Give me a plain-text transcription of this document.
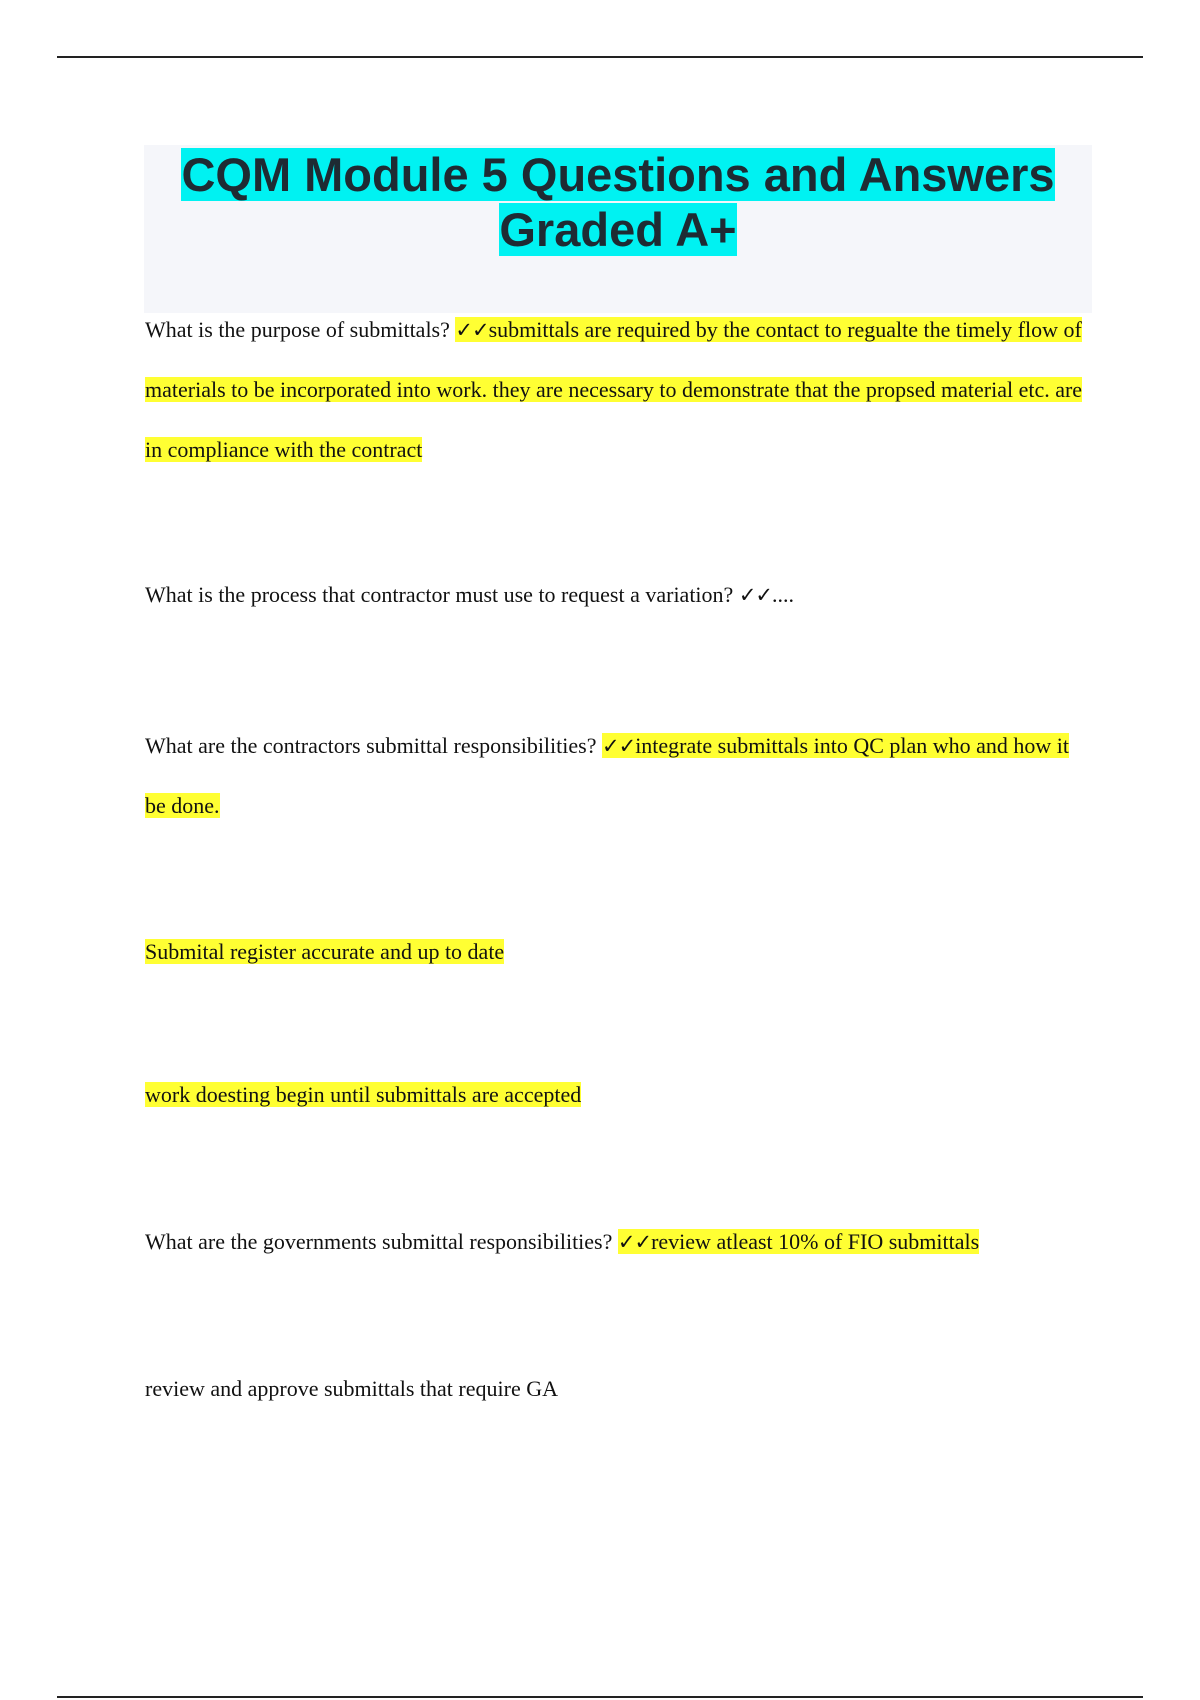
CQM Module 5 Questions and Answers Graded A+
What is the purpose of submittals? ✓✓submittals are required by the contact to regualte the timely flow of materials to be incorporated into work. they are necessary to demonstrate that the propsed material etc. are in compliance with the contract
What is the process that contractor must use to request a variation? ✓✓....
What are the contractors submittal responsibilities? ✓✓integrate submittals into QC plan who and how it be done.
Submital register accurate and up to date
work doesting begin until submittals are accepted
What are the governments submittal responsibilities? ✓✓review atleast 10% of FIO submittals
review and approve submittals that require GA
